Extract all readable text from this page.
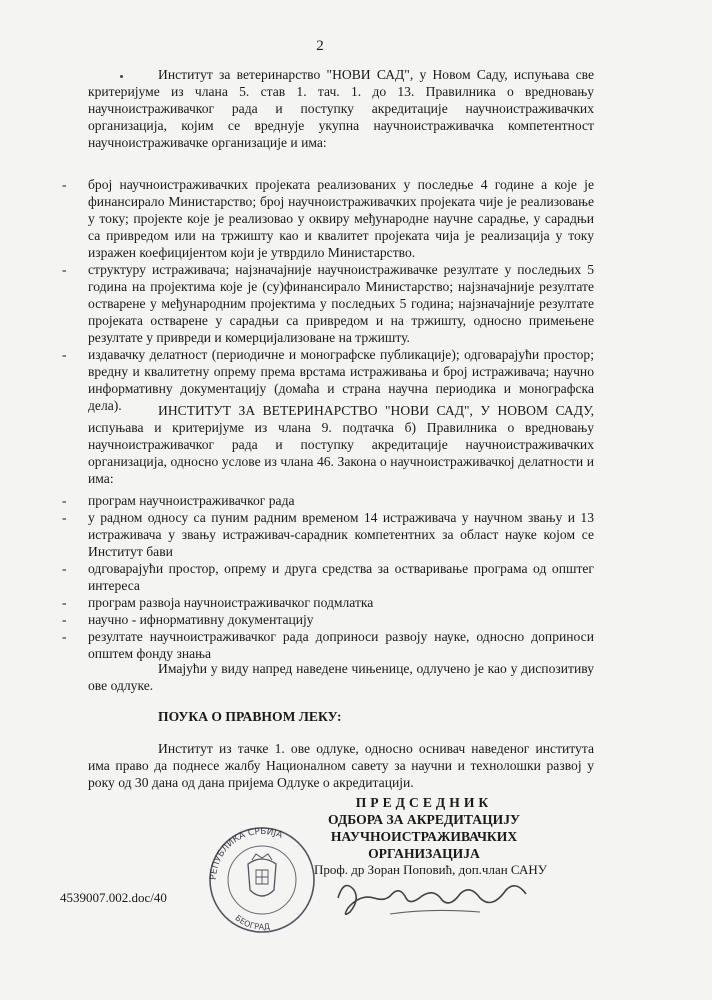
2

Институт за ветеринарство "НОВИ САД", у Новом Саду, испуњава све критеријуме из члана 5. став 1. тач. 1. до 13. Правилника о вредновању научноистраживачког рада и поступку акредитације научноистраживачких организација, којим се вреднује укупна научноистраживачка компетентност научноистраживачке организације и има:

- број научноистраживачких пројеката реализованих у последње 4 године а које је финансирало Министарство; број научноистраживачких пројеката чије је реализовање у току; пројекте које је реализовао у оквиру међународне научне сарадње, у сарадњи са привредом или на тржишту као и квалитет пројеката чија је реализација у току изражен коефицијентом који је утврдило Министарство.
- структуру истраживача; најзначајније научноистраживачке резултате у последњих 5 година на пројектима које је (су)финансирало Министарство; најзначајније резултате остварене у међународним пројектима у последњих 5 година; најзначајније резултате пројеката остварене у сарадњи са привредом и на тржишту, односно примењене резултате у привреди и комерцијализоване на тржишту.
- издавачку делатност (периодичне и монографске публикације); одговарајући простор; вредну и квалитетну опрему према врстама истраживања и број истраживача; научно информативну документацију (домаћа и страна научна периодика и монографска дела).	ИНСТИТУТ ЗА ВЕТЕРИНАРСТВО "НОВИ САД", У НОВОМ САДУ, испуњава и критеријуме из члана 9. подтачка б) Правилника о вредновању научноистраживачког рада и поступку акредитације научноистраживачких организација, односно услове из члана 46. Закона о научноистраживачкој делатности и има:

- програм научноистраживачког рада
- у радном односу са пуним радним временом 14 истраживача у научном звању и 13 истраживача у звању истраживач-сарадник компетентних за област науке којом се Институт бави
- одговарајући простор, опрему и друга средства за остваривање програма од општег интереса
- програм развоја научноистраживачког подмлатка
- научно - ифнормативну документацију
- резултате научноистраживачког рада доприноси развоју науке, односно доприноси општем фонду знања

Имајући у виду напред наведене чињенице, одлучено је као у диспозитиву ове одлуке.

ПОУКА О ПРАВНОМ ЛЕКУ:

Институт из тачке 1. ове одлуке, односно оснивач наведеног института има право да поднесе жалбу Националном савету за научни и технолошки развој у року од 30 дана од дана пријема Одлуке о акредитацији.

ПРЕДСЕДНИК
ОДБОРА ЗА АКРЕДИТАЦИЈУ
НАУЧНОИСТРАЖИВАЧКИХ ОРГАНИЗАЦИЈА
РЕПУБЛИКА СРБИЈА
БЕОГРАД
Проф. др Зоран Поповић, доп.члан САНУ
4539007.002.doc/40
